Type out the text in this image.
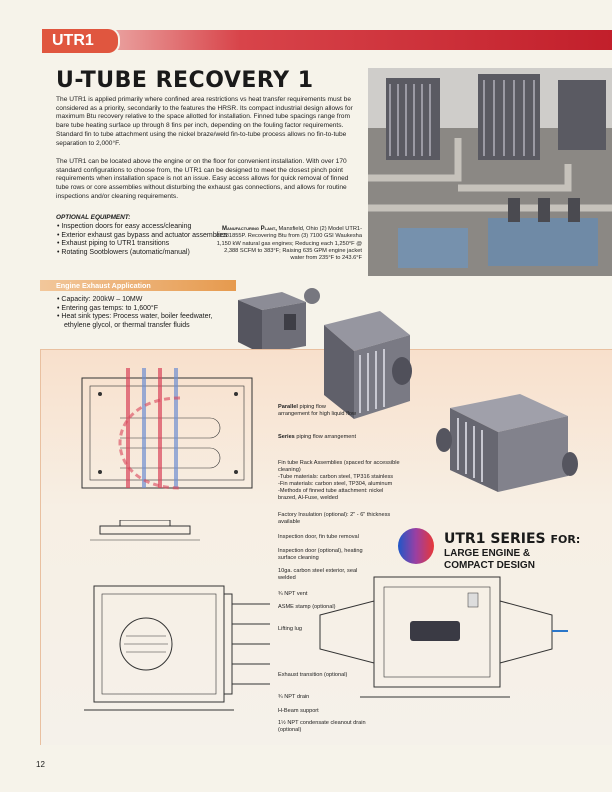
UTR1
U-TUBE RECOVERY 1

The UTR1 is applied primarily where confined area restrictions vs heat transfer requirements must be considered as a priority, secondarily to the features the HRSR. Its compact industrial design allows for maximum Btu recovery relative to the space allotted for installation. Finned tube spacings range from bare tube heating surface up through 8 fins per inch, depending on the fouling factor requirements. Standard fin to tube attachment using the nickel braze/weld fin-to-tube process allows no fin-to-tube separation to 2,000°F.

The UTR1 can be located above the engine or on the floor for convenient installation. With over 170 standard configurations to choose from, the UTR1 can be designed to meet the closest pinch point requirements when installation space is not an issue. Easy access allows for quick removal of finned tube rows or core assemblies without disturbing the exhaust gas connections, and allows for routine inspections and/or cleaning requirements.

OPTIONAL EQUIPMENT:
• Inspection doors for easy access/cleaning
• Exterior exhaust gas bypass and actuator assemblies
• Exhaust piping to UTR1 transitions
• Rotating Sootblowers (automatic/manual)
Manufacturing Plant, Mansfield, Ohio (2) Model UTR1-81281855P. Recovering Btu from (3) 7100 GSI Waukesha 1,150 kW natural gas engines; Reducing each 1,250°F @ 2,388 SCFM to 383°F; Raising 635 GPM engine jacket water from 235°F to 243.6°F
Engine Exhaust Application
• Capacity: 200kW – 10MW
• Entering gas temps: to 1,600°F
• Heat sink types: Process water, boiler feedwater, ethylene glycol, or thermal transfer fluids
Parallel piping flow arrangement for high liquid flow
Series piping flow arrangement
Fin tube Rack Assemblies (spaced for accessible cleaning)
-Tube materials: carbon steel, TP316 stainless
-Fin materials: carbon steel, TP304, aluminum
-Methods of finned tube attachment: nickel brazed, Al-Fuse, welded
Factory Insulation (optional): 2" - 6" thickness available
Inspection door, fin tube removal
Inspection door (optional), heating surface cleaning
10ga. carbon steel exterior, seal welded
¾ NPT vent
ASME stamp (optional)
Lifting lug
Exhaust transition (optional)
¾ NPT drain
H-Beam support
1½ NPT condensate cleanout drain (optional)
UTR1 SERIES FOR:
LARGE ENGINE &
COMPACT DESIGN
12
